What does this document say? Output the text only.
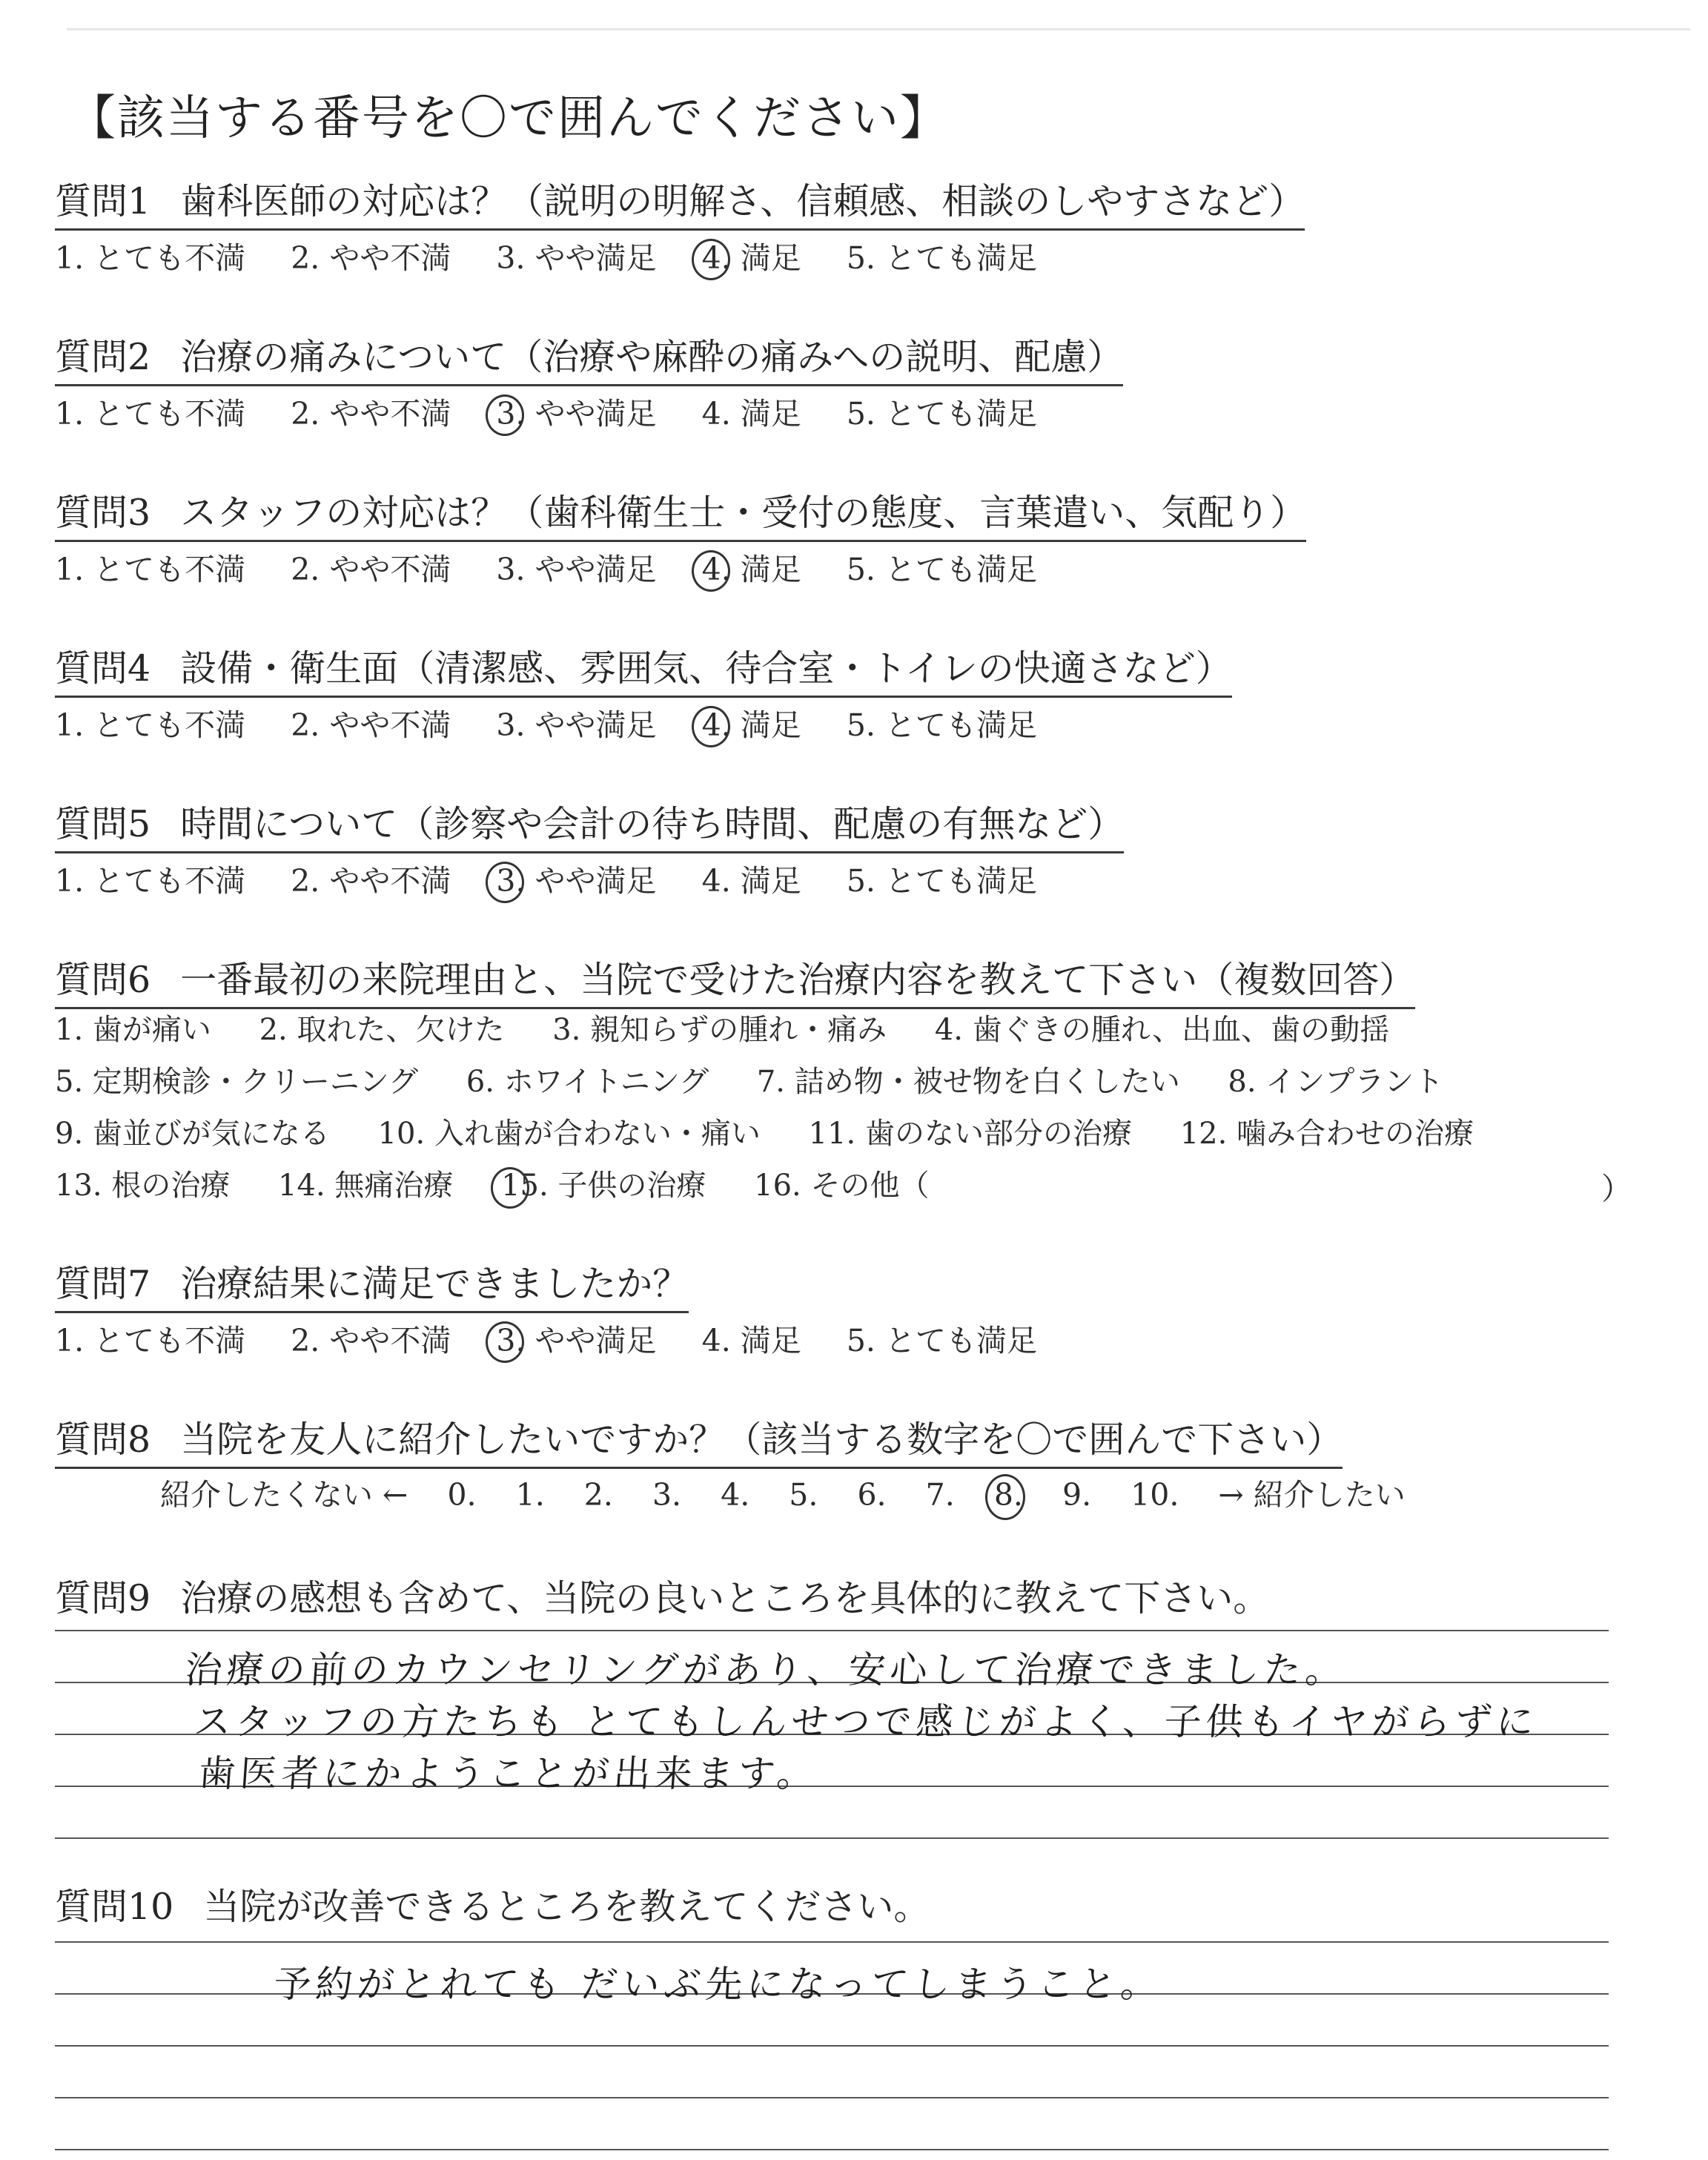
【該当する番号を〇で囲んでください】
質問1 歯科医師の対応は？（説明の明解さ、信頼感、相談のしやすさなど）
1. とても不満 2. やや不満 3. やや満足 4. 満足 5. とても満足
質問2 治療の痛みについて（治療や麻酔の痛みへの説明、配慮）
1. とても不満 2. やや不満 3. やや満足 4. 満足 5. とても満足
質問3 スタッフの対応は？（歯科衛生士・受付の態度、言葉遣い、気配り）
1. とても不満 2. やや不満 3. やや満足 4. 満足 5. とても満足
質問4 設備・衛生面（清潔感、雰囲気、待合室・トイレの快適さなど）
1. とても不満 2. やや不満 3. やや満足 4. 満足 5. とても満足
質問5 時間について（診察や会計の待ち時間、配慮の有無など）
1. とても不満 2. やや不満 3. やや満足 4. 満足 5. とても満足
質問6 一番最初の来院理由と、当院で受けた治療内容を教えて下さい（複数回答）
1. 歯が痛い 2. 取れた、欠けた 3. 親知らずの腫れ・痛み 4. 歯ぐきの腫れ、出血、歯の動揺
5. 定期検診・クリーニング 6. ホワイトニング 7. 詰め物・被せ物を白くしたい 8. インプラント
9. 歯並びが気になる 10. 入れ歯が合わない・痛い 11. 歯のない部分の治療 12. 噛み合わせの治療
13. 根の治療 14. 無痛治療 15. 子供の治療 16. その他（	）
質問7 治療結果に満足できましたか？
1. とても不満 2. やや不満 3. やや満足 4. 満足 5. とても満足
質問8 当院を友人に紹介したいですか？（該当する数字を〇で囲んで下さい）
紹介したくない ← 0. 1. 2. 3. 4. 5. 6. 7. 8. 9. 10. → 紹介したい
質問9 治療の感想も含めて、当院の良いところを具体的に教えて下さい。
治療の前のカウンセリングがあり、安心して治療できました。
スタッフの方たちも とてもしんせつで感じがよく、子供もイヤがらずに
歯医者にかようことが出来ます。
質問10 当院が改善できるところを教えてください。
予約がとれても だいぶ先になってしまうこと。
